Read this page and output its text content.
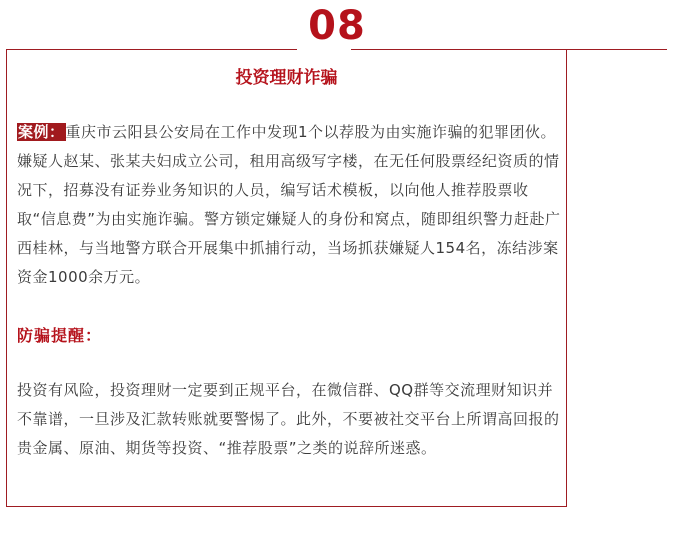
08
投资理财诈骗

案例：重庆市云阳县公安局在工作中发现1个以荐股为由实施诈骗的犯罪团伙。嫌疑人赵某、张某夫妇成立公司，租用高级写字楼，在无任何股票经纪资质的情况下，招募没有证券业务知识的人员，编写话术模板，以向他人推荐股票收取“信息费”为由实施诈骗。警方锁定嫌疑人的身份和窝点，随即组织警力赶赴广西桂林，与当地警方联合开展集中抓捕行动，当场抓获嫌疑人154名，冻结涉案资金1000余万元。

防骗提醒：

投资有风险，投资理财一定要到正规平台，在微信群、QQ群等交流理财知识并不靠谱，一旦涉及汇款转账就要警惕了。此外，不要被社交平台上所谓高回报的贵金属、原油、期货等投资、“推荐股票”之类的说辞所迷惑。
